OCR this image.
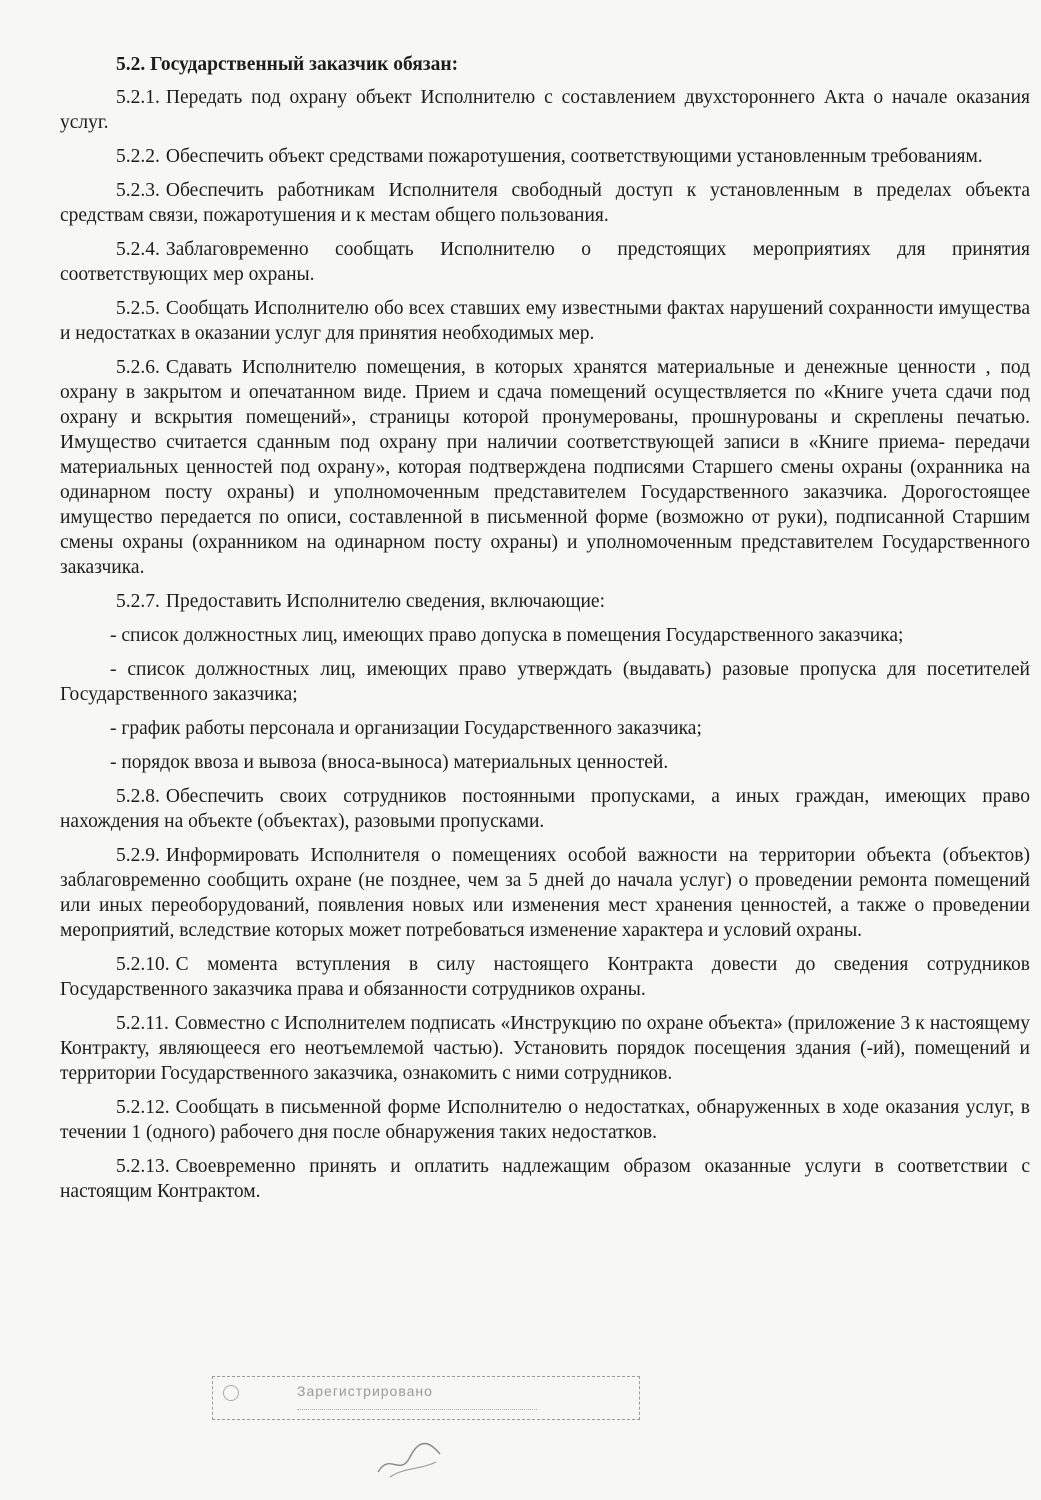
5.2. Государственный заказчик обязан:

5.2.1. Передать под охрану объект Исполнителю с составлением двухстороннего Акта о начале оказания услуг.

5.2.2. Обеспечить объект средствами пожаротушения, соответствующими установленным требованиям.

5.2.3. Обеспечить работникам Исполнителя свободный доступ к установленным в пределах объекта средствам связи, пожаротушения и к местам общего пользования.

5.2.4. Заблаговременно сообщать Исполнителю о предстоящих мероприятиях для принятия соответствующих мер охраны.

5.2.5. Сообщать Исполнителю обо всех ставших ему известными фактах нарушений сохранности имущества и недостатках в оказании услуг для принятия необходимых мер.

5.2.6. Сдавать Исполнителю помещения, в которых хранятся материальные и денежные ценности , под охрану в закрытом и опечатанном виде. Прием и сдача помещений осуществляется по «Книге учета сдачи под охрану и вскрытия помещений», страницы которой пронумерованы, прошнурованы и скреплены печатью. Имущество считается сданным под охрану при наличии соответствующей записи в «Книге приема- передачи материальных ценностей под охрану», которая подтверждена подписями Старшего смены охраны (охранника на одинарном посту охраны) и уполномоченным представителем Государственного заказчика. Дорогостоящее имущество передается по описи, составленной в письменной форме (возможно от руки), подписанной Старшим смены охраны (охранником на одинарном посту охраны) и уполномоченным представителем Государственного заказчика.

5.2.7. Предоставить Исполнителю сведения, включающие:

- список должностных лиц, имеющих право допуска в помещения Государственного заказчика;

- список должностных лиц, имеющих право утверждать (выдавать) разовые пропуска для посетителей Государственного заказчика;

- график работы персонала и организации Государственного заказчика;

- порядок ввоза и вывоза (вноса-выноса) материальных ценностей.

5.2.8. Обеспечить своих сотрудников постоянными пропусками, а иных граждан, имеющих право нахождения на объекте (объектах), разовыми пропусками.

5.2.9. Информировать Исполнителя о помещениях особой важности на территории объекта (объектов) заблаговременно сообщить охране (не позднее, чем за 5 дней до начала услуг) о проведении ремонта помещений или иных переоборудований, появления новых или изменения мест хранения ценностей, а также о проведении мероприятий, вследствие которых может потребоваться изменение характера и условий охраны.

5.2.10. С момента вступления в силу настоящего Контракта довести до сведения сотрудников Государственного заказчика права и обязанности сотрудников охраны.

5.2.11. Совместно с Исполнителем подписать «Инструкцию по охране объекта» (приложение 3 к настоящему Контракту, являющееся его неотъемлемой частью). Установить порядок посещения здания (-ий), помещений и территории Государственного заказчика, ознакомить с ними сотрудников.

5.2.12. Сообщать в письменной форме Исполнителю о недостатках, обнаруженных в ходе оказания услуг, в течении 1 (одного) рабочего дня после обнаружения таких недостатков.

5.2.13. Своевременно принять и оплатить надлежащим образом оказанные услуги в соответствии с настоящим Контрактом.

Зарегистрировано
